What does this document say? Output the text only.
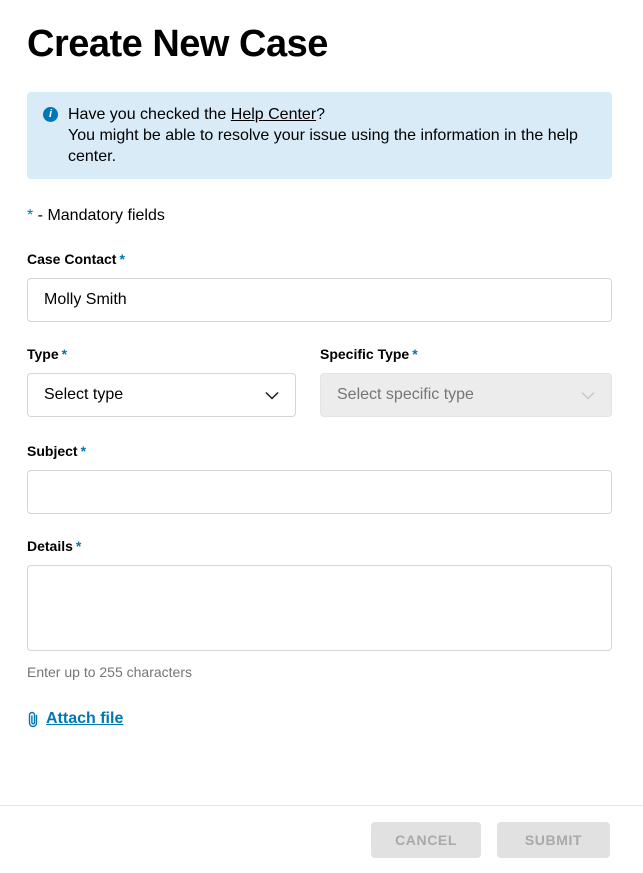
Create New Case
i Have you checked the Help Center?
You might be able to resolve your issue using the information in the help center.
* - Mandatory fields
Case Contact *
Molly Smith
Type *
Select type
Specific Type *
Select specific type
Subject *
Details *
Enter up to 255 characters
Attach file
CANCEL	SUBMIT
